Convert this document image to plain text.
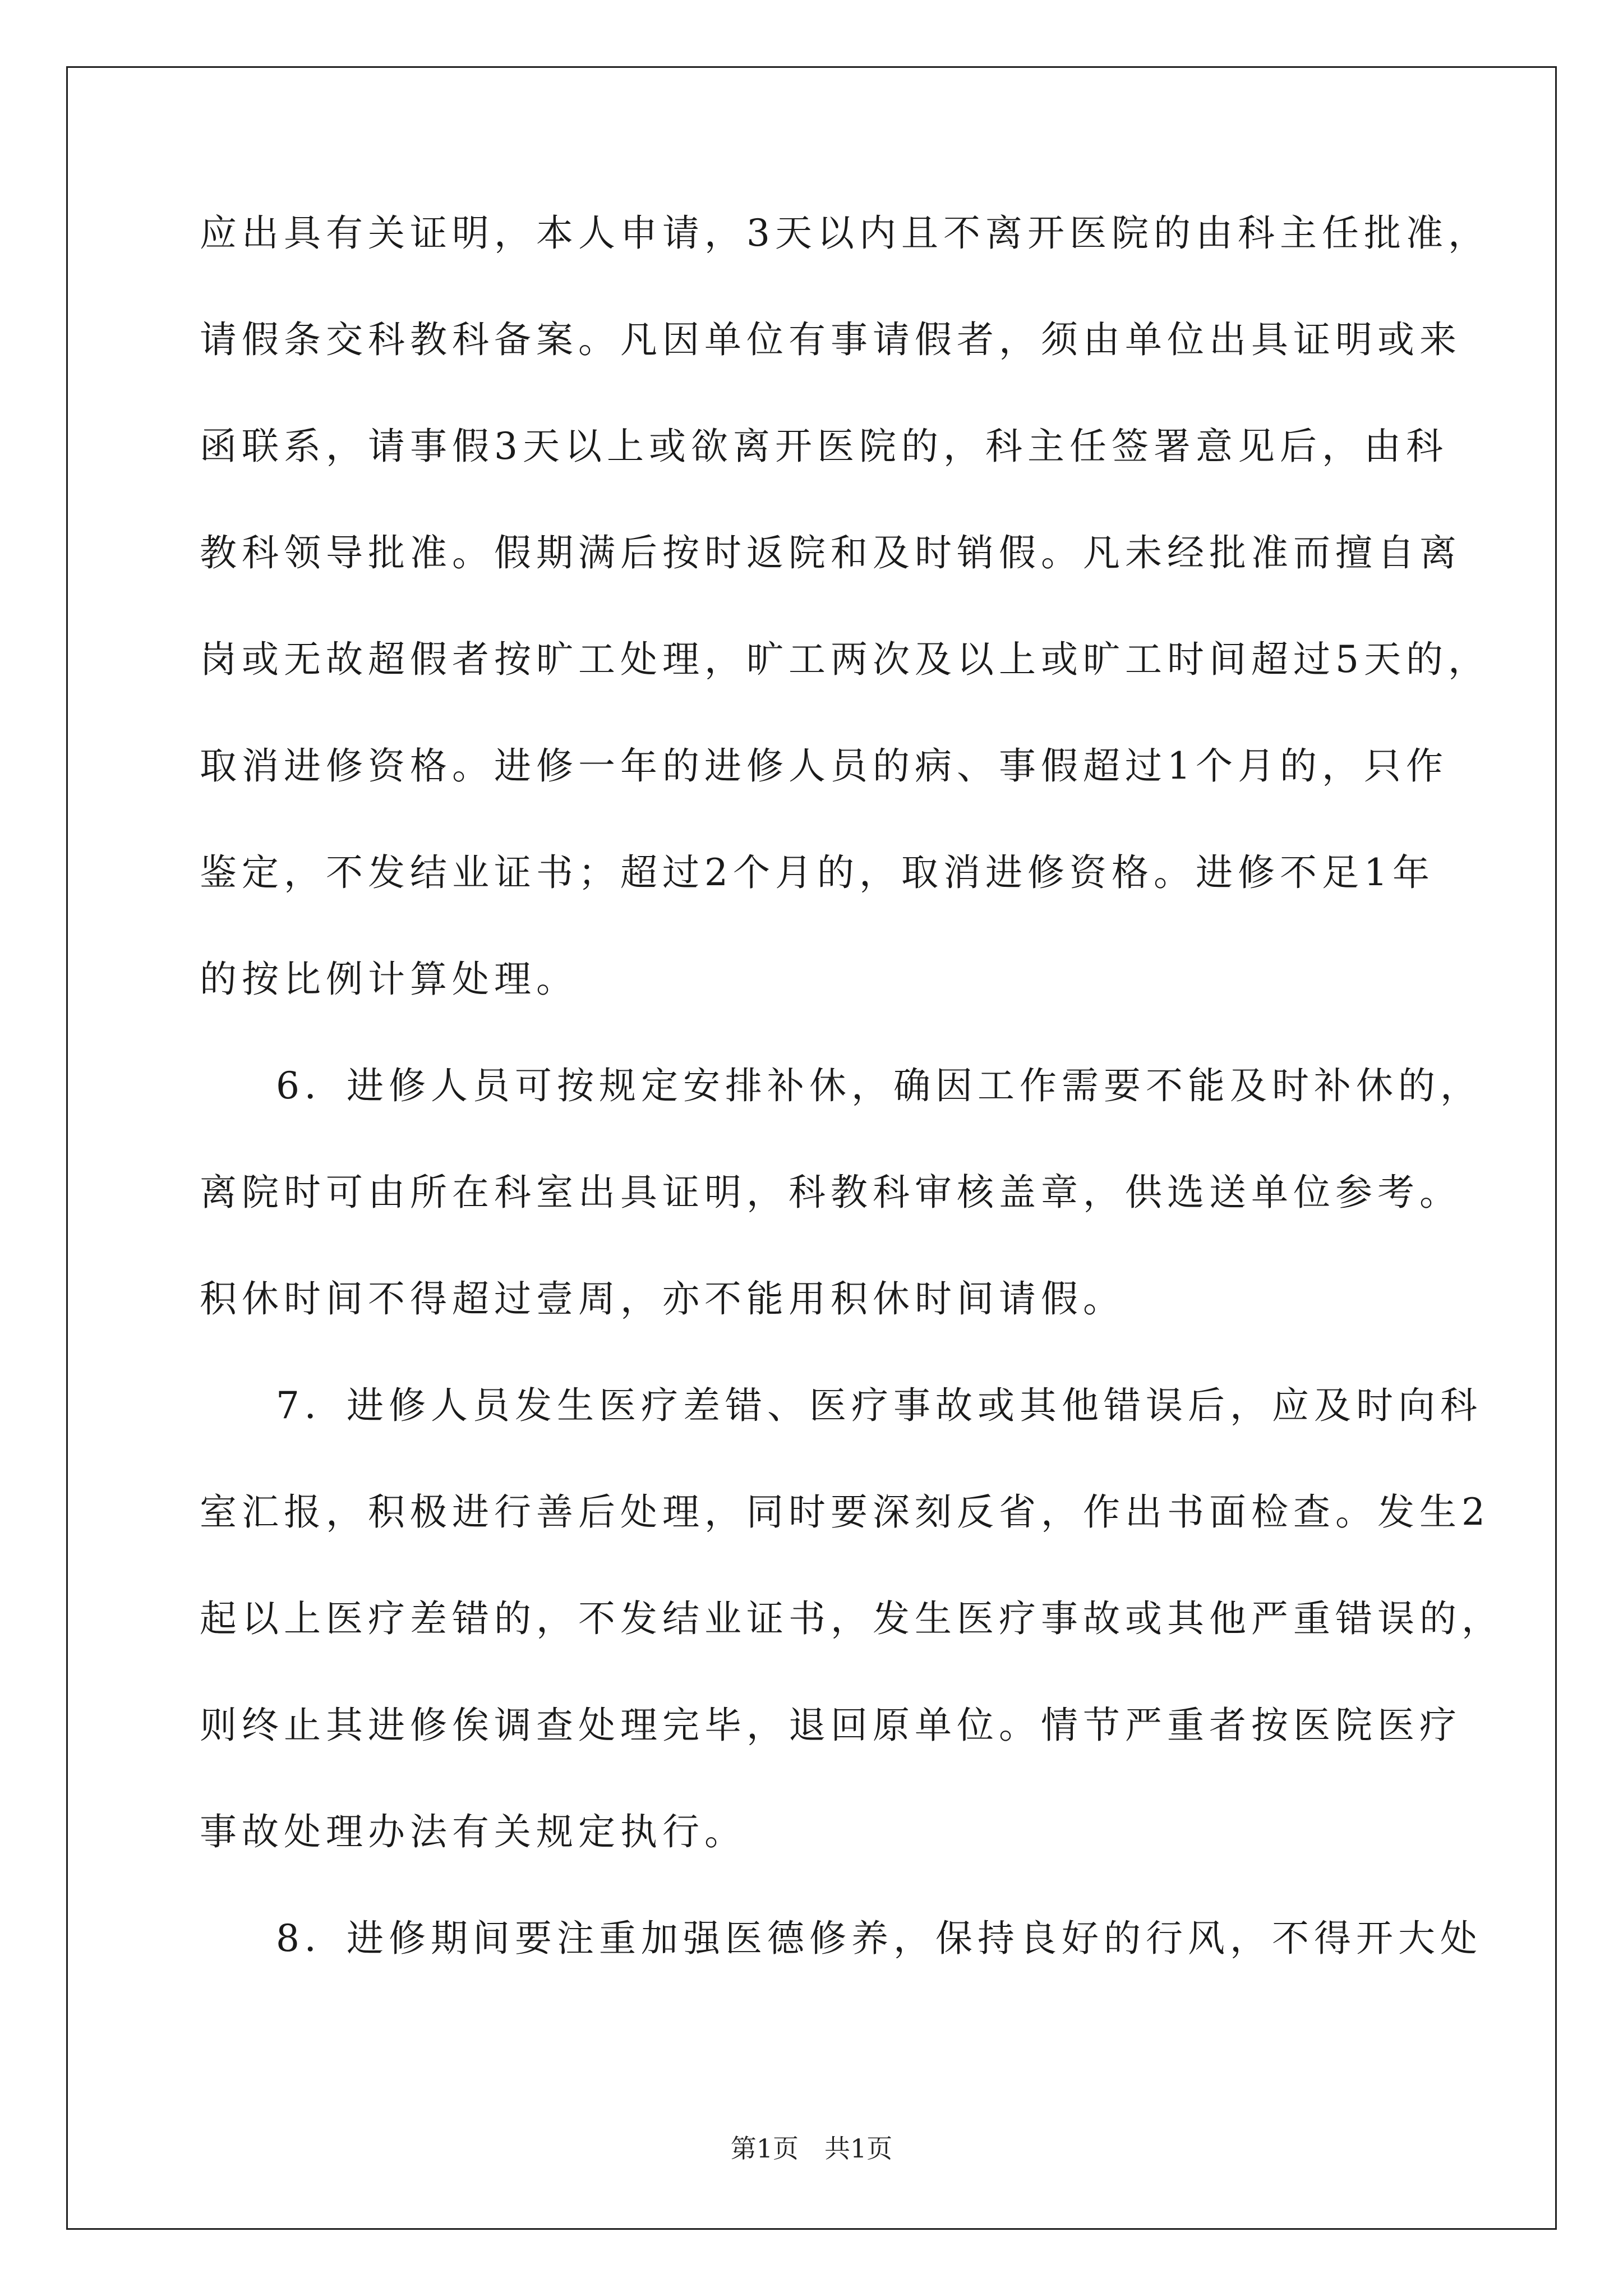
应出具有关证明，本人申请，3天以内且不离开医院的由科主任批准，
请假条交科教科备案。凡因单位有事请假者，须由单位出具证明或来
函联系，请事假3天以上或欲离开医院的，科主任签署意见后，由科
教科领导批准。假期满后按时返院和及时销假。凡未经批准而擅自离
岗或无故超假者按旷工处理，旷工两次及以上或旷工时间超过5天的，
取消进修资格。进修一年的进修人员的病、事假超过1个月的，只作
鉴定，不发结业证书；超过2个月的，取消进修资格。进修不足1年
的按比例计算处理。
6．进修人员可按规定安排补休，确因工作需要不能及时补休的，
离院时可由所在科室出具证明，科教科审核盖章，供选送单位参考。
积休时间不得超过壹周，亦不能用积休时间请假。
7．进修人员发生医疗差错、医疗事故或其他错误后，应及时向科
室汇报，积极进行善后处理，同时要深刻反省，作出书面检查。发生2
起以上医疗差错的，不发结业证书，发生医疗事故或其他严重错误的，
则终止其进修俟调查处理完毕，退回原单位。情节严重者按医院医疗
事故处理办法有关规定执行。
8．进修期间要注重加强医德修养，保持良好的行风，不得开大处
第1页 共1页
